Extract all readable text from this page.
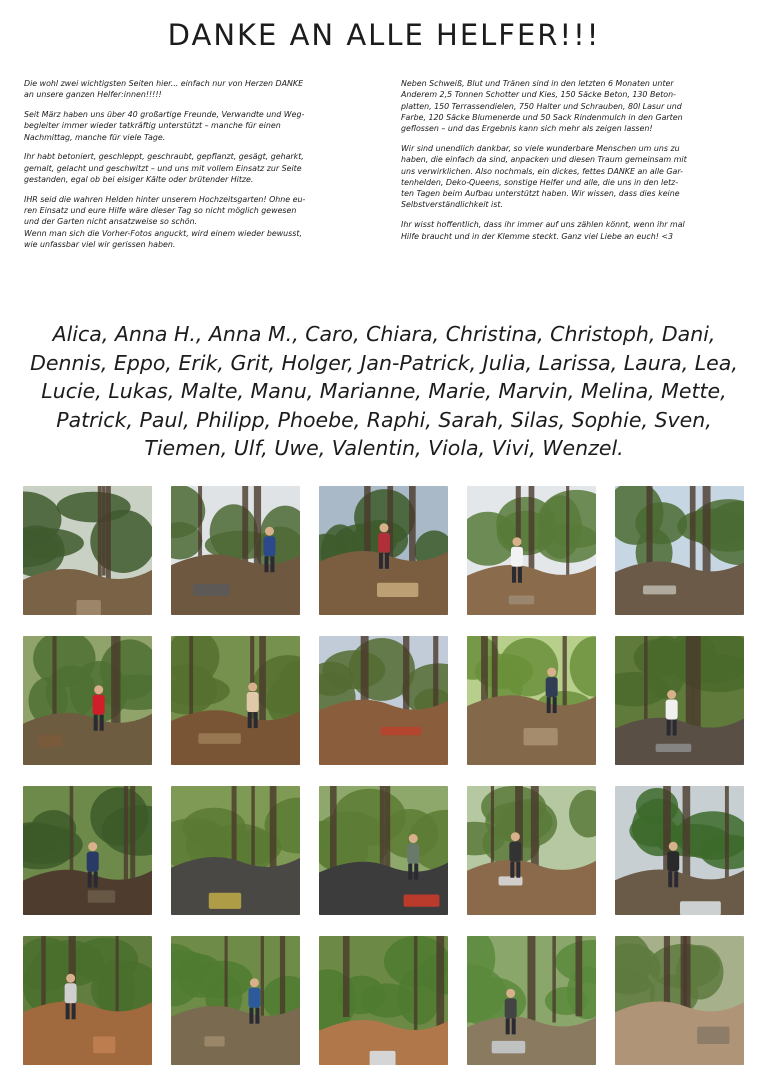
DANKE AN ALLE HELFER!!!

Die wohl zwei wichtigsten Seiten hier... einfach nur von Herzen DANKE
an unsere ganzen Helfer:innen!!!!!

Seit März haben uns über 40 großartige Freunde, Verwandte und Weg-
begleiter immer wieder tatkräftig unterstützt – manche für einen
Nachmittag, manche für viele Tage.

Ihr habt betoniert, geschleppt, geschraubt, gepflanzt, gesägt, geharkt,
gemalt, gelacht und geschwitzt – und uns mit vollem Einsatz zur Seite
gestanden, egal ob bei eisiger Kälte oder brütender Hitze.

IHR seid die wahren Helden hinter unserem Hochzeitsgarten! Ohne eu-
ren Einsatz und eure Hilfe wäre dieser Tag so nicht möglich gewesen
und der Garten nicht ansatzweise so schön.
Wenn man sich die Vorher-Fotos anguckt, wird einem wieder bewusst,
wie unfassbar viel wir gerissen haben.

Neben Schweiß, Blut und Tränen sind in den letzten 6 Monaten unter
Anderem 2,5 Tonnen Schotter und Kies, 150 Säcke Beton, 130 Beton-
platten, 150 Terrassendielen, 750 Halter und Schrauben, 80l Lasur und
Farbe, 120 Säcke Blumenerde und 50 Sack Rindenmulch in den Garten
geflossen – und das Ergebnis kann sich mehr als zeigen lassen!

Wir sind unendlich dankbar, so viele wunderbare Menschen um uns zu
haben, die einfach da sind, anpacken und diesen Traum gemeinsam mit
uns verwirklichen. Also nochmals, ein dickes, fettes DANKE an alle Gar-
tenhelden, Deko-Queens, sonstige Helfer und alle, die uns in den letz-
ten Tagen beim Aufbau unterstützt haben. Wir wissen, dass dies keine
Selbstverständlichkeit ist.

Ihr wisst hoffentlich, dass ihr immer auf uns zählen könnt, wenn ihr mal
Hilfe braucht und in der Klemme steckt. Ganz viel Liebe an euch! <3

Alica, Anna H., Anna M., Caro, Chiara, Christina, Christoph, Dani, Dennis, Eppo, Erik, Grit, Holger, Jan-Patrick, Julia, Larissa, Laura, Lea, Lucie, Lukas, Malte, Manu, Marianne, Marie, Marvin, Melina, Mette, Patrick, Paul, Philipp, Phoebe, Raphi, Sarah, Silas, Sophie, Sven, Tiemen, Ulf, Uwe, Valentin, Viola, Vivi, Wenzel.
